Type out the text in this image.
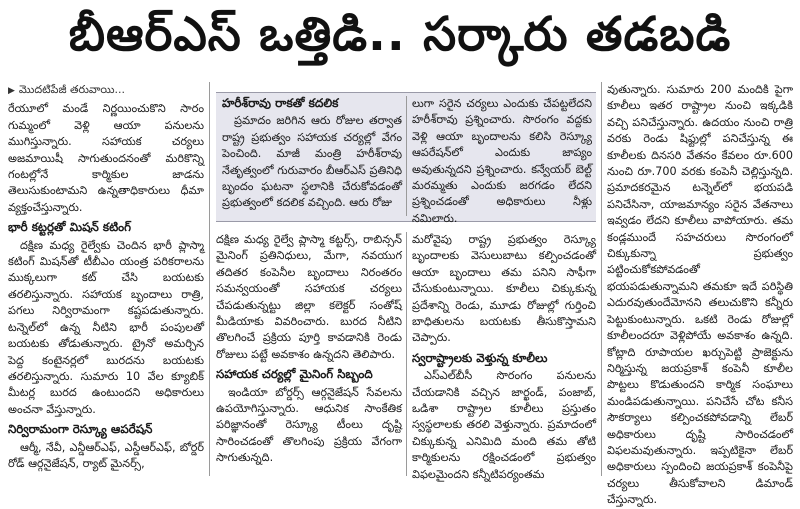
బీఆర్ఎస్ ఒత్తిడి.. సర్కారు తడబడి
▶ మొదటిపేజీ తరువాయి...

రేయూలో మండే నిర్ణయించుకొని సారం గుమ్మంలో వెళ్లి ఆయా పనులను ముగిస్తున్నారు. సహాయక చర్యలు అజమాయిషీ సాగుతుందనంతో మరికొన్ని గంటల్లోనే కార్మికుల జాడను తెలుసుకుంటామని ఉన్నతాధికారులు ధీమా వ్యక్తంచేస్తున్నారు.

భారీ కట్టర్లతో మిషన్ కటింగ్

దక్షిణ మధ్య రైల్వేకు చెందిన భారీ ప్లాస్మా కటింగ్ మిషన్‌తో టీబీఎం యంత్ర పరికరాలను ముక్కలుగా కట్ చేసి బయటకు తరలిస్తున్నారు. సహాయక బృందాలు రాత్రి, పగలు నిర్విరామంగా కష్టపడుతున్నారు. టన్నెల్‌లో ఉన్న నీటిని భారీ పంపులతో బయటకు తోడుతున్నారు. ట్రైనో అమర్చిన పెద్ద కంటైనర్లలో బురదను బయటకు తరలిస్తున్నారు. సుమారు 10 వేల క్యూబిక్ మీటర్ల బురద ఉంటుందని అధికారులు అంచనా వేస్తున్నారు.

నిర్విరామంగా రెస్క్యూ ఆపరేషన్

ఆర్మీ, నేవీ, ఎన్డీఆర్ఎఫ్, ఎస్డీఆర్ఎఫ్, బోర్డర్ రోడ్ ఆర్గనైజేషన్, ర్యాట్ మైనర్స్,

హరీశ్‌రావు రాకతో కదలిక

ప్రమాదం జరిగిన ఆరు రోజుల తర్వాత రాష్ట్ర ప్రభుత్వం సహాయక చర్యల్లో వేగం పెంచింది. మాజీ మంత్రి హరీశ్‌రావు నేతృత్వంలో గురువారం బీఆర్ఎస్ ప్రతినిధి బృందం ఘటనా స్థలానికి చేరుకోవడంతో ప్రభుత్వంలో కదలిక వచ్చింది. ఆరు రోజు

లుగా సరైన చర్యలు ఎందుకు చేపట్టలేదని హరీశ్‌రావు ప్రశ్నించారు. సొరంగం వద్దకు వెళ్లి ఆయా బృందాలను కలిసి రెస్క్యూ ఆపరేషన్‌లో ఎందుకు జాప్యం అవుతున్నదని ప్రశ్నించారు. కన్వేయర్ బెల్ట్ మరమ్మతు ఎందుకు జరగడం లేదని ప్రశ్నించడంతో అధికారులు నీళ్లు నమిలారు.

దక్షిణ మధ్య రైల్వే ప్లాస్మా కట్టర్స్, రాబిన్సన్ మైనింగ్ ప్రతినిధులు, మేగా, నవయుగ తదితర కంపెనీల బృందాలు నిరంతరం సమన్వయంతో సహాయక చర్యలు చేపడుతున్నట్టు జిల్లా కలెక్టర్ సంతోష్ మీడియాకు వివరించారు. బురద నీటిని తొలగించే ప్రక్రియ పూర్తి కావడానికి రెండు రోజులు పట్టే అవకాశం ఉన్నదని తెలిపారు.

సహాయక చర్యల్లో మైనింగ్ సిబ్బంది

ఇండియా బోర్డర్స్ ఆర్గనైజేషన్ సేవలను ఉపయోగిస్తున్నారు. ఆధునిక సాంకేతిక పరిజ్ఞానంతో రెస్క్యూ టీంలు దృష్టి సారించడంతో తొలగింపు ప్రక్రియ వేగంగా సాగుతున్నది.

మరోవైపు రాష్ట్ర ప్రభుత్వం రెస్క్యూ బృందాలకు వెసులుబాటు కల్పించడంతో ఆయా బృందాలు తమ పనిని సాఫీగా చేసుకుంటున్నాయి. కూలీలు చిక్కుకున్న ప్రదేశాన్ని రెండు, మూడు రోజుల్లో గుర్తించి బాధితులను బయటకు తీసుకొస్తామని చెప్పారు.

స్వరాష్ట్రాలకు వెళ్తున్న కూలీలు

ఎస్ఎల్‌బీసీ సొరంగం పనులను చేయడానికి వచ్చిన జార్ఖండ్, పంజాబ్, ఒడిశా రాష్ట్రాల కూలీలు ప్రస్తుతం స్వస్థలాలకు తరలి వెళ్తున్నారు. ప్రమాదంలో చిక్కుకున్న ఎనిమిది మంది తమ తోటి కార్మికులను రక్షించడంలో ప్రభుత్వం విఫలమైందని కన్నీటిపర్యంతమ

వుతున్నారు. సుమారు 200 మందికి పైగా కూలీలు ఇతర రాష్ట్రాల నుంచి ఇక్కడికి వచ్చి పనిచేస్తున్నారు. ఉదయం నుంచి రాత్రి వరకు రెండు షిఫ్టుల్లో పనిచేస్తున్న ఈ కూలీలకు దినసరి వేతనం కేవలం రూ.600 నుంచి రూ.700 వరకు కంపెనీ చెల్లిస్తున్నది. ప్రమాదకరమైన టన్నెల్‌లో భయపడి పనిచేసినా, యాజమాన్యం సరైన వేతనాలు ఇవ్వడం లేదని కూలీలు వాపోయారు. తమ కండ్లముందే సహచరులు సొరంగంలో చిక్కుకున్నా ప్రభుత్వం పట్టించుకోకపోవడంతో భయపడుతున్నామని తమకూ ఇదే పరిస్థితి ఎదురవుతుందేమోనని తలుచుకొని కన్నీరు పెట్టుకుంటున్నారు. ఒకటి రెండు రోజుల్లో కూలీలందరూ వెళ్లిపోయే అవకాశం ఉన్నది. కోట్లాది రూపాయల ఖర్చుపెట్టి ప్రాజెక్టును నిర్మిస్తున్న జయప్రకాశ్ కంపెనీ కూలీల పొట్టలు కొడుతుందని కార్మిక సంఘాలు మండిపడుతున్నాయి. పనిచేసే చోట కనీస సౌకర్యాలు కల్పించకపోవడాన్ని లేబర్ అధికారులు దృష్టి సారించడంలో విఫలమవుతున్నారు. ఇప్పటికైనా లేబర్ అధికారులు స్పందించి జయప్రకాశ్ కంపెనీపై చర్యలు తీసుకోవాలని డిమాండ్ చేస్తున్నారు.
